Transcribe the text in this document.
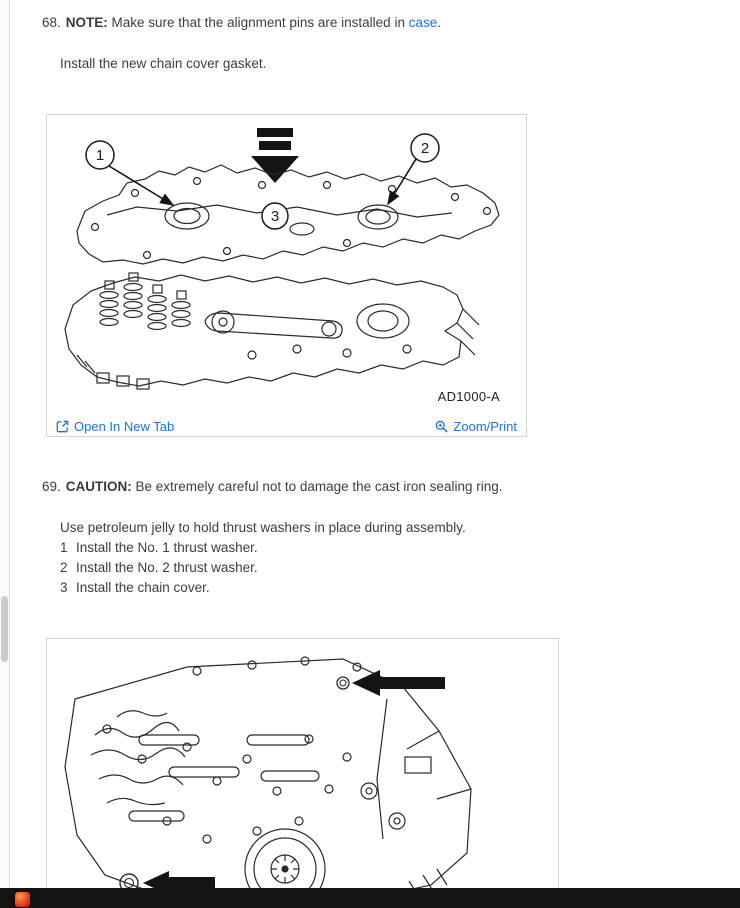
68. NOTE: Make sure that the alignment pins are installed in case.
Install the new chain cover gasket.
1	2
3
AD1000-A
Open In New Tab	Zoom/Print
69. CAUTION: Be extremely careful not to damage the cast iron sealing ring.
Use petroleum jelly to hold thrust washers in place during assembly.
1 Install the No. 1 thrust washer.
2 Install the No. 2 thrust washer.
3 Install the chain cover.
